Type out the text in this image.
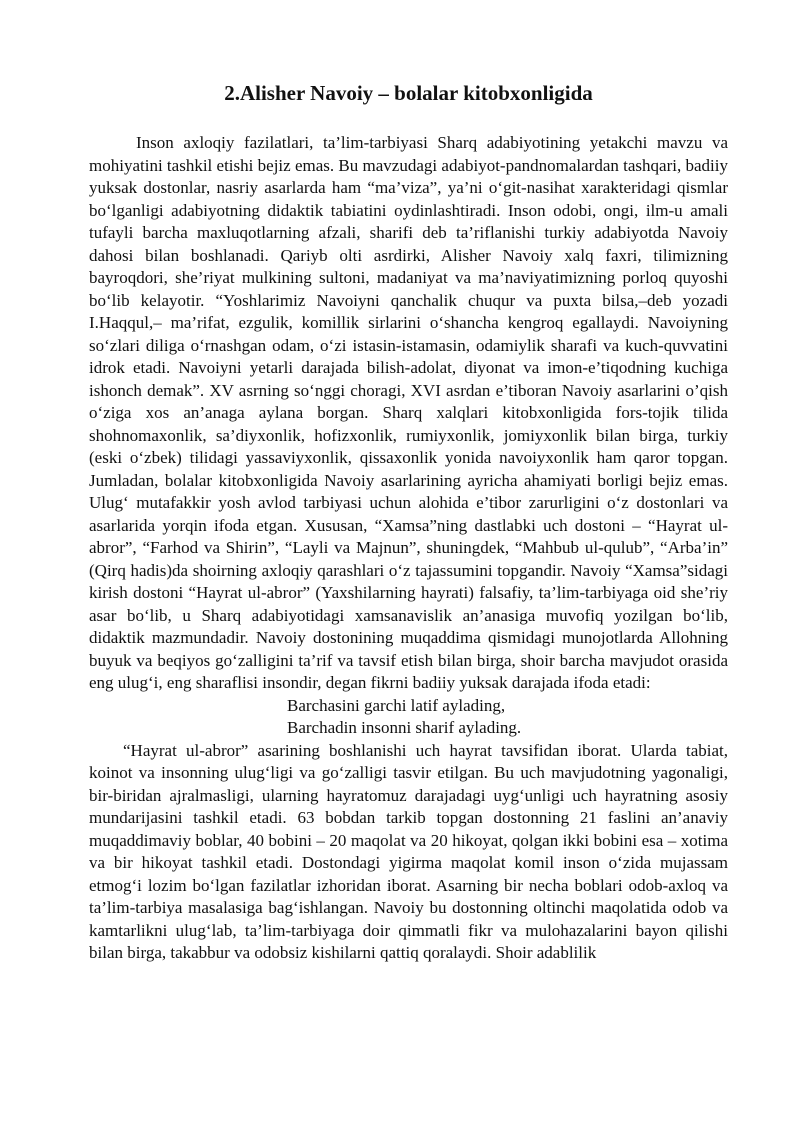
2.Alisher Navoiy – bolalar kitobxonligida

Inson axloqiy fazilatlari, ta’lim-tarbiyasi Sharq adabiyotining yetakchi mavzu va mohiyatini tashkil etishi bejiz emas. Bu mavzudagi adabiyot-pandnomalardan tashqari, badiiy yuksak dostonlar, nasriy asarlarda ham “ma’viza”, ya’ni o‘git-nasihat xarakteridagi qismlar bo‘lganligi adabiyotning didaktik tabiatini oydinlashtiradi. Inson odobi, ongi, ilm-u amali tufayli barcha maxluqotlarning afzali, sharifi deb ta’riflanishi turkiy adabiyotda Navoiy dahosi bilan boshlanadi. Qariyb olti asrdirki, Alisher Navoiy xalq faxri, tilimizning bayroqdori, she’riyat mulkining sultoni, madaniyat va ma’naviyatimizning porloq quyoshi bo‘lib kelayotir. “Yoshlarimiz Navoiyni qanchalik chuqur va puxta bilsa,–deb yozadi I.Haqqul,– ma’rifat, ezgulik, komillik sirlarini o‘shancha kengroq egallaydi. Navoiyning so‘zlari diliga o‘rnashgan odam, o‘zi istasin-istamasin, odamiylik sharafi va kuch-quvvatini idrok etadi. Navoiyni yetarli darajada bilish-adolat, diyonat va imon-e’tiqodning kuchiga ishonch demak”. XV asrning so‘nggi choragi, XVI asrdan e’tiboran Navoiy asarlarini o’qish o‘ziga xos an’anaga aylana borgan. Sharq xalqlari kitobxonligida fors-tojik tilida shohnomaxonlik, sa’diyxonlik, hofizxonlik, rumiyxonlik, jomiyxonlik bilan birga, turkiy (eski o‘zbek) tilidagi yassaviyxonlik, qissaxonlik yonida navoiyxonlik ham qaror topgan. Jumladan, bolalar kitobxonligida Navoiy asarlarining ayricha ahamiyati borligi bejiz emas. Ulug‘ mutafakkir yosh avlod tarbiyasi uchun alohida e’tibor zarurligini o‘z dostonlari va asarlarida yorqin ifoda etgan. Xususan, “Xamsa”ning dastlabki uch dostoni – “Hayrat ul-abror”, “Farhod va Shirin”, “Layli va Majnun”, shuningdek, “Mahbub ul-qulub”, “Arba’in” (Qirq hadis)da shoirning axloqiy qarashlari o‘z tajassumini topgandir. Navoiy “Xamsa”sidagi kirish dostoni “Hayrat ul-abror” (Yaxshilarning hayrati) falsafiy, ta’lim-tarbiyaga oid she’riy asar bo‘lib, u Sharq adabiyotidagi xamsanavislik an’anasiga muvofiq yozilgan bo‘lib, didaktik mazmundadir. Navoiy dostonining muqaddima qismidagi munojotlarda Allohning buyuk va beqiyos go‘zalligini ta’rif va tavsif etish bilan birga, shoir barcha mavjudot orasida eng ulug‘i, eng sharaflisi insondir, degan fikrni badiiy yuksak darajada ifoda etadi:

Barchasini garchi latif aylading,

Barchadin insonni sharif aylading.

“Hayrat ul-abror” asarining boshlanishi uch hayrat tavsifidan iborat. Ularda tabiat, koinot va insonning ulug‘ligi va go‘zalligi tasvir etilgan. Bu uch mavjudotning yagonaligi, bir-biridan ajralmasligi, ularning hayratomuz darajadagi uyg‘unligi uch hayratning asosiy mundarijasini tashkil etadi. 63 bobdan tarkib topgan dostonning 21 faslini an’anaviy muqaddimaviy boblar, 40 bobini – 20 maqolat va 20 hikoyat, qolgan ikki bobini esa – xotima va bir hikoyat tashkil etadi. Dostondagi yigirma maqolat komil inson o‘zida mujassam etmog‘i lozim bo‘lgan fazilatlar izhoridan iborat. Asarning bir necha boblari odob-axloq va ta’lim-tarbiya masalasiga bag‘ishlangan. Navoiy bu dostonning oltinchi maqolatida odob va kamtarlikni ulug‘lab, ta’lim-tarbiyaga doir qimmatli fikr va mulohazalarini bayon qilishi bilan birga, takabbur va odobsiz kishilarni qattiq qoralaydi. Shoir adablilik
